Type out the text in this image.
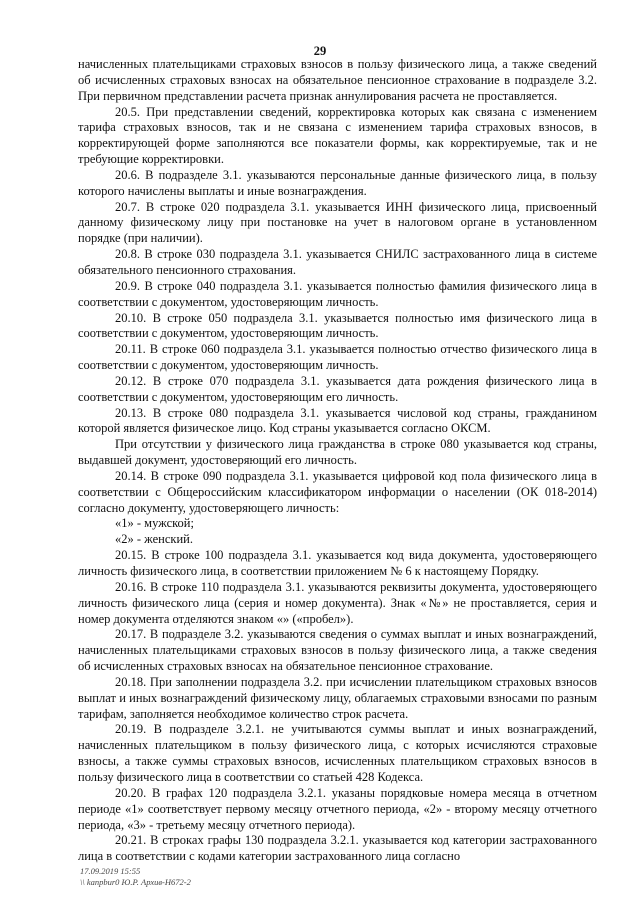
29

начисленных плательщиками страховых взносов в пользу физического лица, а также сведений об исчисленных страховых взносах на обязательное пенсионное страхование в подразделе 3.2. При первичном представлении расчета признак аннулирования расчета не проставляется.

20.5. При представлении сведений, корректировка которых как связана с изменением тарифа страховых взносов, так и не связана с изменением тарифа страховых взносов, в корректирующей форме заполняются все показатели формы, как корректируемые, так и не требующие корректировки.

20.6. В подразделе 3.1. указываются персональные данные физического лица, в пользу которого начислены выплаты и иные вознаграждения.

20.7. В строке 020 подраздела 3.1. указывается ИНН физического лица, присвоенный данному физическому лицу при постановке на учет в налоговом органе в установленном порядке (при наличии).

20.8. В строке 030 подраздела 3.1. указывается СНИЛС застрахованного лица в системе обязательного пенсионного страхования.

20.9. В строке 040 подраздела 3.1. указывается полностью фамилия физического лица в соответствии с документом, удостоверяющим личность.

20.10. В строке 050 подраздела 3.1. указывается полностью имя физического лица в соответствии с документом, удостоверяющим личность.

20.11. В строке 060 подраздела 3.1. указывается полностью отчество физического лица в соответствии с документом, удостоверяющим личность.

20.12. В строке 070 подраздела 3.1. указывается дата рождения физического лица в соответствии с документом, удостоверяющим его личность.

20.13. В строке 080 подраздела 3.1. указывается числовой код страны, гражданином которой является физическое лицо. Код страны указывается согласно ОКСМ.

При отсутствии у физического лица гражданства в строке 080 указывается код страны, выдавшей документ, удостоверяющий его личность.

20.14. В строке 090 подраздела 3.1. указывается цифровой код пола физического лица в соответствии с Общероссийским классификатором информации о населении (ОК 018-2014) согласно документу, удостоверяющего личность:

«1» - мужской;

«2» - женский.

20.15. В строке 100 подраздела 3.1. указывается код вида документа, удостоверяющего личность физического лица, в соответствии приложением № 6 к настоящему Порядку.

20.16. В строке 110 подраздела 3.1. указываются реквизиты документа, удостоверяющего личность физического лица (серия и номер документа). Знак «№» не проставляется, серия и номер документа отделяются знаком «» («пробел»).

20.17. В подразделе 3.2. указываются сведения о суммах выплат и иных вознаграждений, начисленных плательщиками страховых взносов в пользу физического лица, а также сведения об исчисленных страховых взносах на обязательное пенсионное страхование.

20.18. При заполнении подраздела 3.2. при исчислении плательщиком страховых взносов выплат и иных вознаграждений физическому лицу, облагаемых страховыми взносами по разным тарифам, заполняется необходимое количество строк расчета.

20.19. В подразделе 3.2.1. не учитываются суммы выплат и иных вознаграждений, начисленных плательщиком в пользу физического лица, с которых исчисляются страховые взносы, а также суммы страховых взносов, исчисленных плательщиком страховых взносов в пользу физического лица в соответствии со статьей 428 Кодекса.

20.20. В графах 120 подраздела 3.2.1. указаны порядковые номера месяца в отчетном периоде «1» соответствует первому месяцу отчетного периода, «2» - второму месяцу отчетного периода, «3» - третьему месяцу отчетного периода).

20.21. В строках графы 130 подраздела 3.2.1. указывается код категории застрахованного лица в соответствии с кодами категории застрахованного лица согласно

17.09.2019 15:55
\\ kanpbur0 Ю.Р. Архив-Н672-2
